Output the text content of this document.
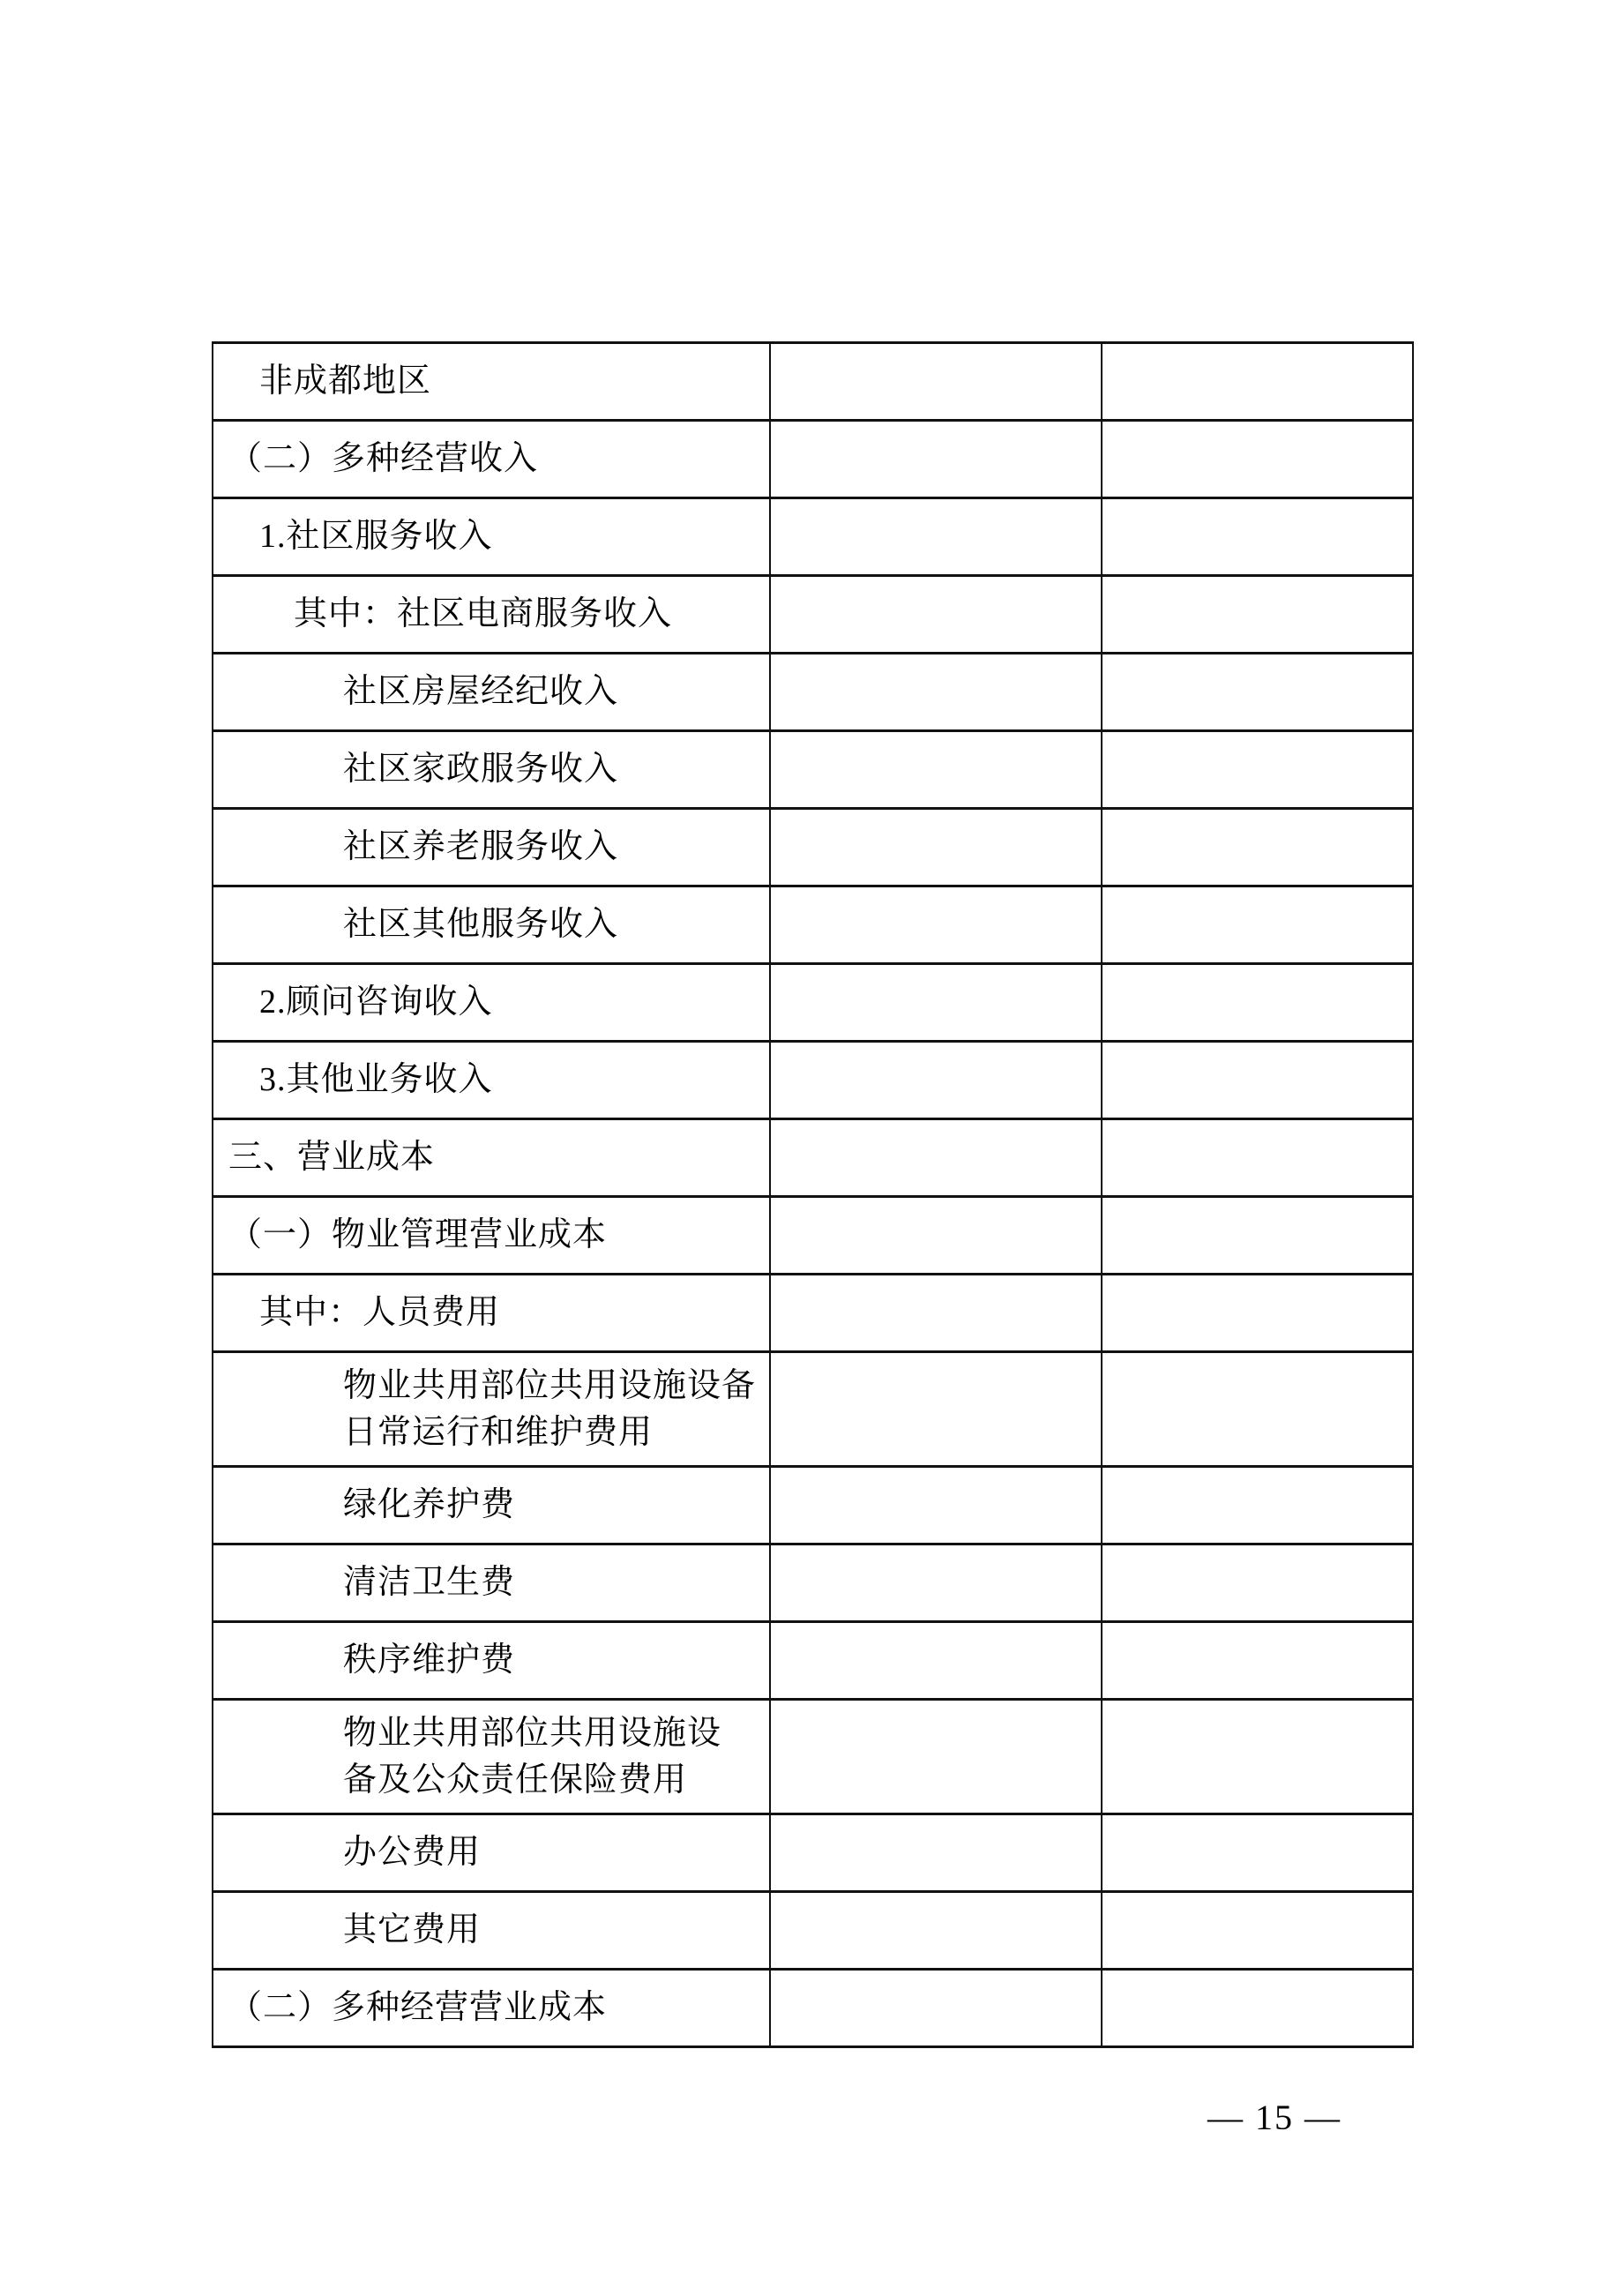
非成都地区		

（二）多种经营收入		

1.社区服务收入		

其中：社区电商服务收入		

社区房屋经纪收入		

社区家政服务收入		

社区养老服务收入		

社区其他服务收入		

2.顾问咨询收入		

3.其他业务收入		

三、营业成本		

（一）物业管理营业成本		

其中：人员费用		

物业共用部位共用设施设备
日常运行和维护费用		

绿化养护费		

清洁卫生费		

秩序维护费		

物业共用部位共用设施设
备及公众责任保险费用		

办公费用		

其它费用		

（二）多种经营营业成本		

— 15 —
